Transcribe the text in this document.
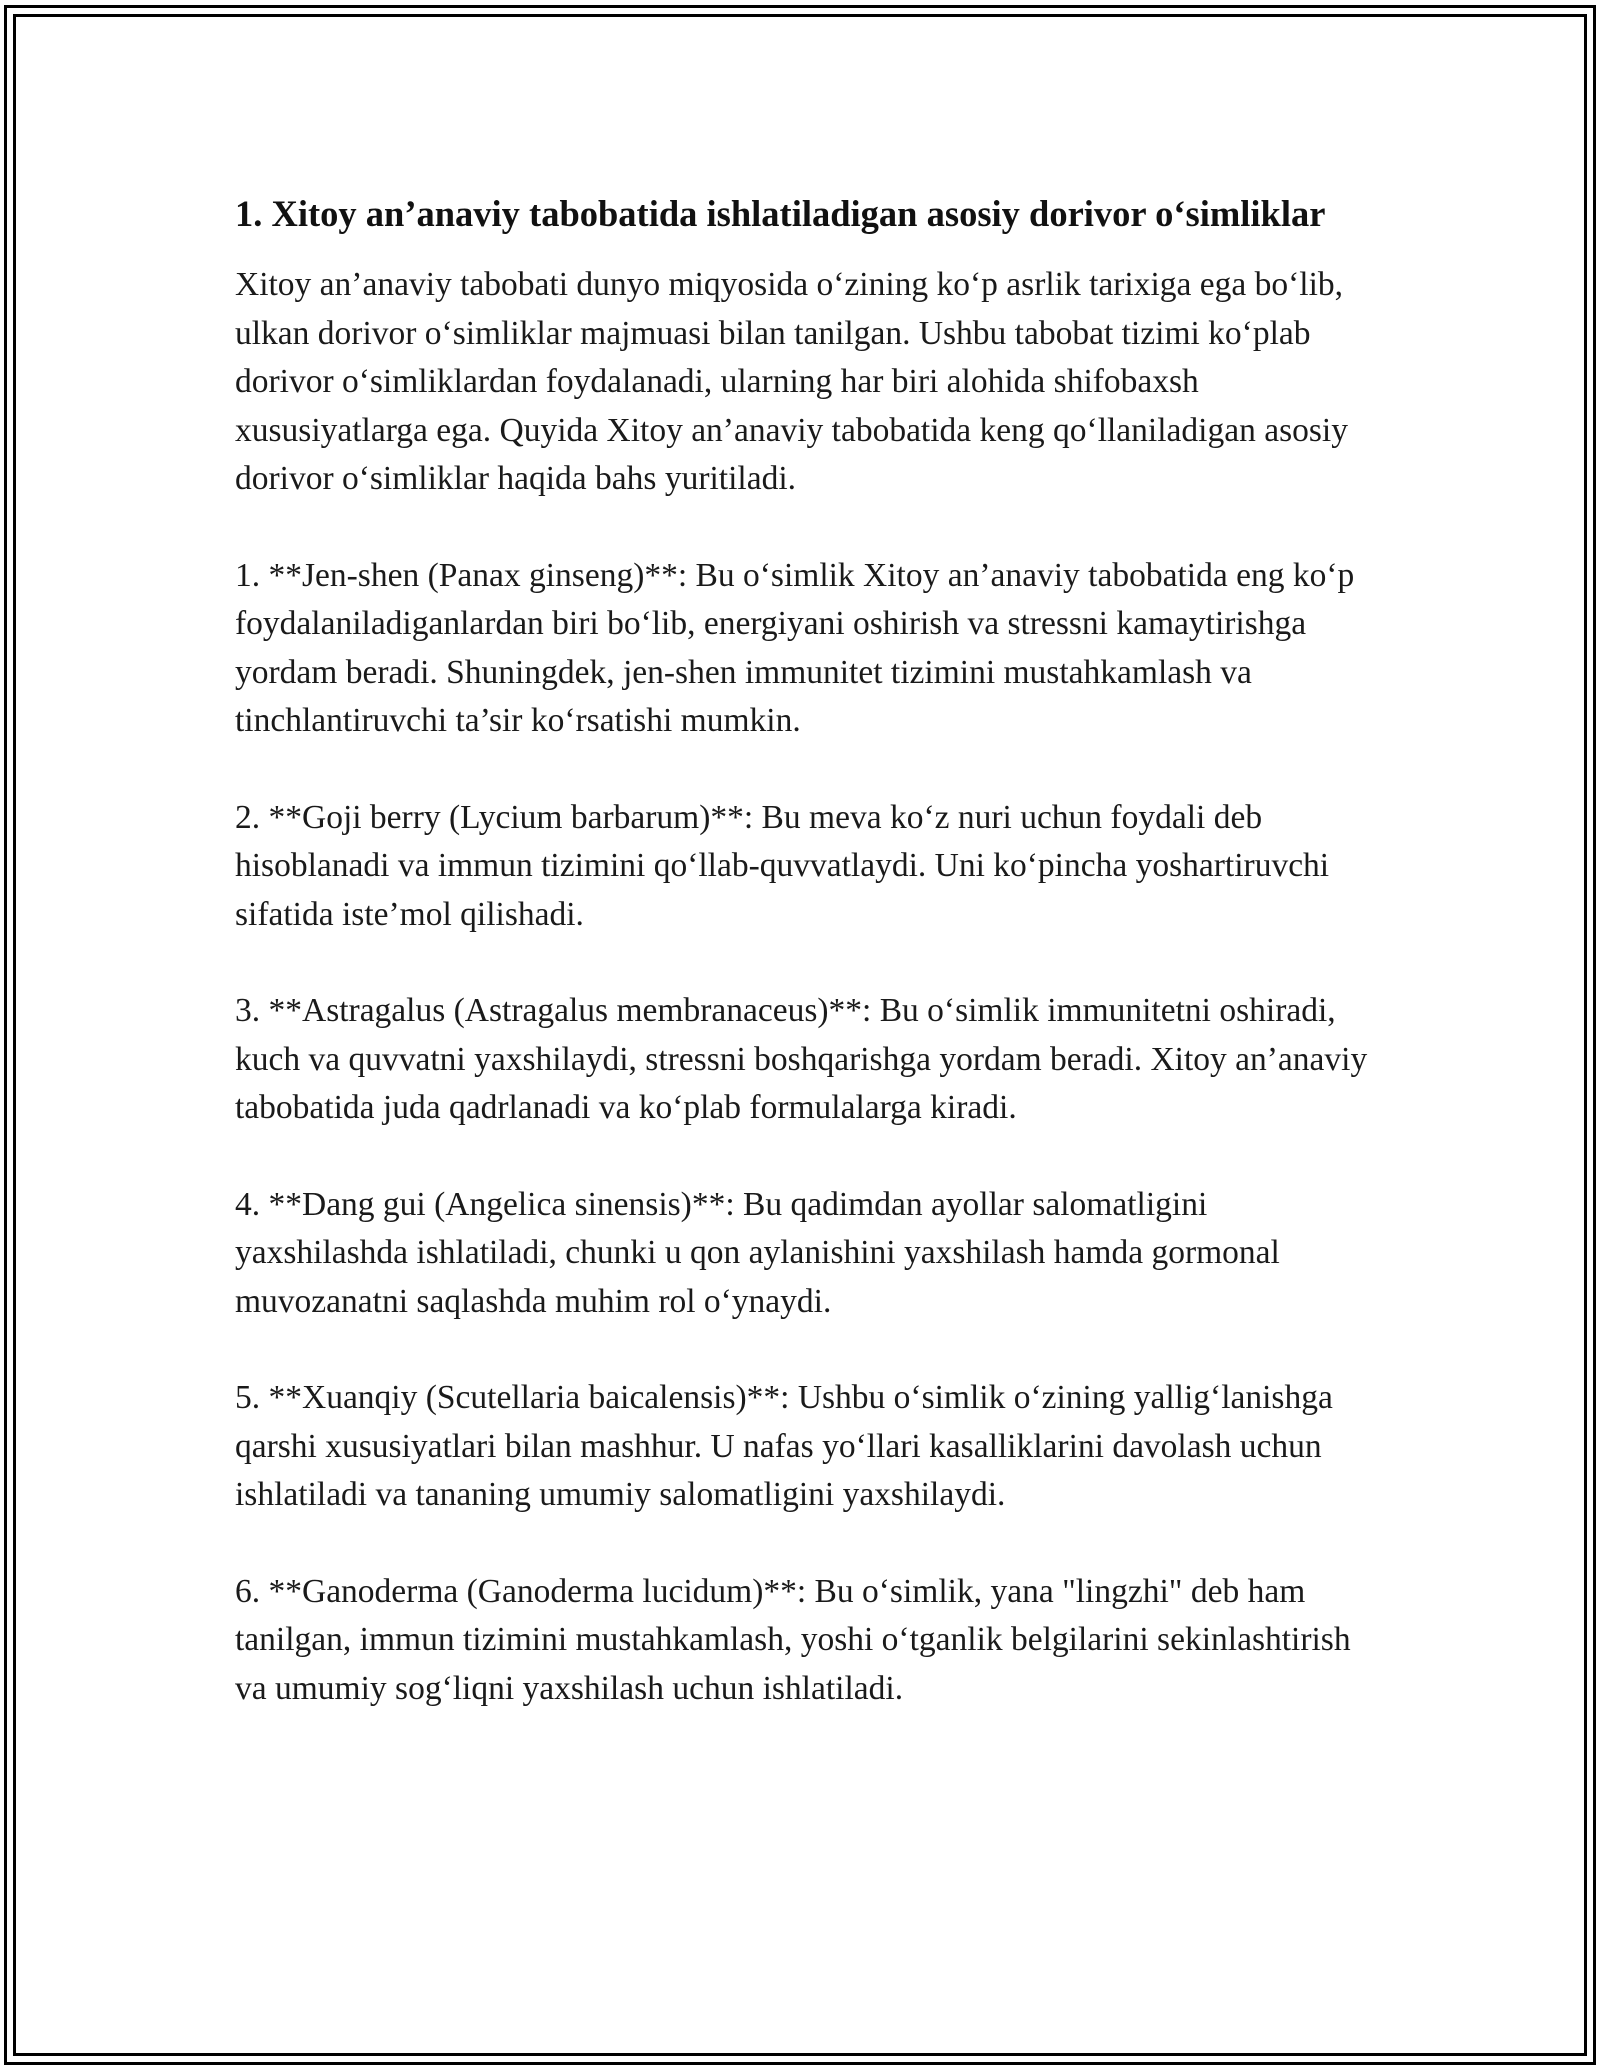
1. Xitoy an’anaviy tabobatida ishlatiladigan asosiy dorivor o‘simliklar

Xitoy an’anaviy tabobati dunyo miqyosida o‘zining ko‘p asrlik tarixiga ega bo‘lib, ulkan dorivor o‘simliklar majmuasi bilan tanilgan. Ushbu tabobat tizimi ko‘plab dorivor o‘simliklardan foydalanadi, ularning har biri alohida shifobaxsh xususiyatlarga ega. Quyida Xitoy an’anaviy tabobatida keng qo‘llaniladigan asosiy dorivor o‘simliklar haqida bahs yuritiladi.

1. **Jen-shen (Panax ginseng)**: Bu o‘simlik Xitoy an’anaviy tabobatida eng ko‘p foydalaniladiganlardan biri bo‘lib, energiyani oshirish va stressni kamaytirishga yordam beradi. Shuningdek, jen-shen immunitet tizimini mustahkamlash va tinchlantiruvchi ta’sir ko‘rsatishi mumkin.

2. **Goji berry (Lycium barbarum)**: Bu meva ko‘z nuri uchun foydali deb hisoblanadi va immun tizimini qo‘llab-quvvatlaydi. Uni ko‘pincha yoshartiruvchi sifatida iste’mol qilishadi.

3. **Astragalus (Astragalus membranaceus)**: Bu o‘simlik immunitetni oshiradi, kuch va quvvatni yaxshilaydi, stressni boshqarishga yordam beradi. Xitoy an’anaviy tabobatida juda qadrlanadi va ko‘plab formulalarga kiradi.

4. **Dang gui (Angelica sinensis)**: Bu qadimdan ayollar salomatligini yaxshilashda ishlatiladi, chunki u qon aylanishini yaxshilash hamda gormonal muvozanatni saqlashda muhim rol o‘ynaydi.

5. **Xuanqiy (Scutellaria baicalensis)**: Ushbu o‘simlik o‘zining yallig‘lanishga qarshi xususiyatlari bilan mashhur. U nafas yo‘llari kasalliklarini davolash uchun ishlatiladi va tananing umumiy salomatligini yaxshilaydi.

6. **Ganoderma (Ganoderma lucidum)**: Bu o‘simlik, yana "lingzhi" deb ham tanilgan, immun tizimini mustahkamlash, yoshi o‘tganlik belgilarini sekinlashtirish va umumiy sog‘liqni yaxshilash uchun ishlatiladi.
